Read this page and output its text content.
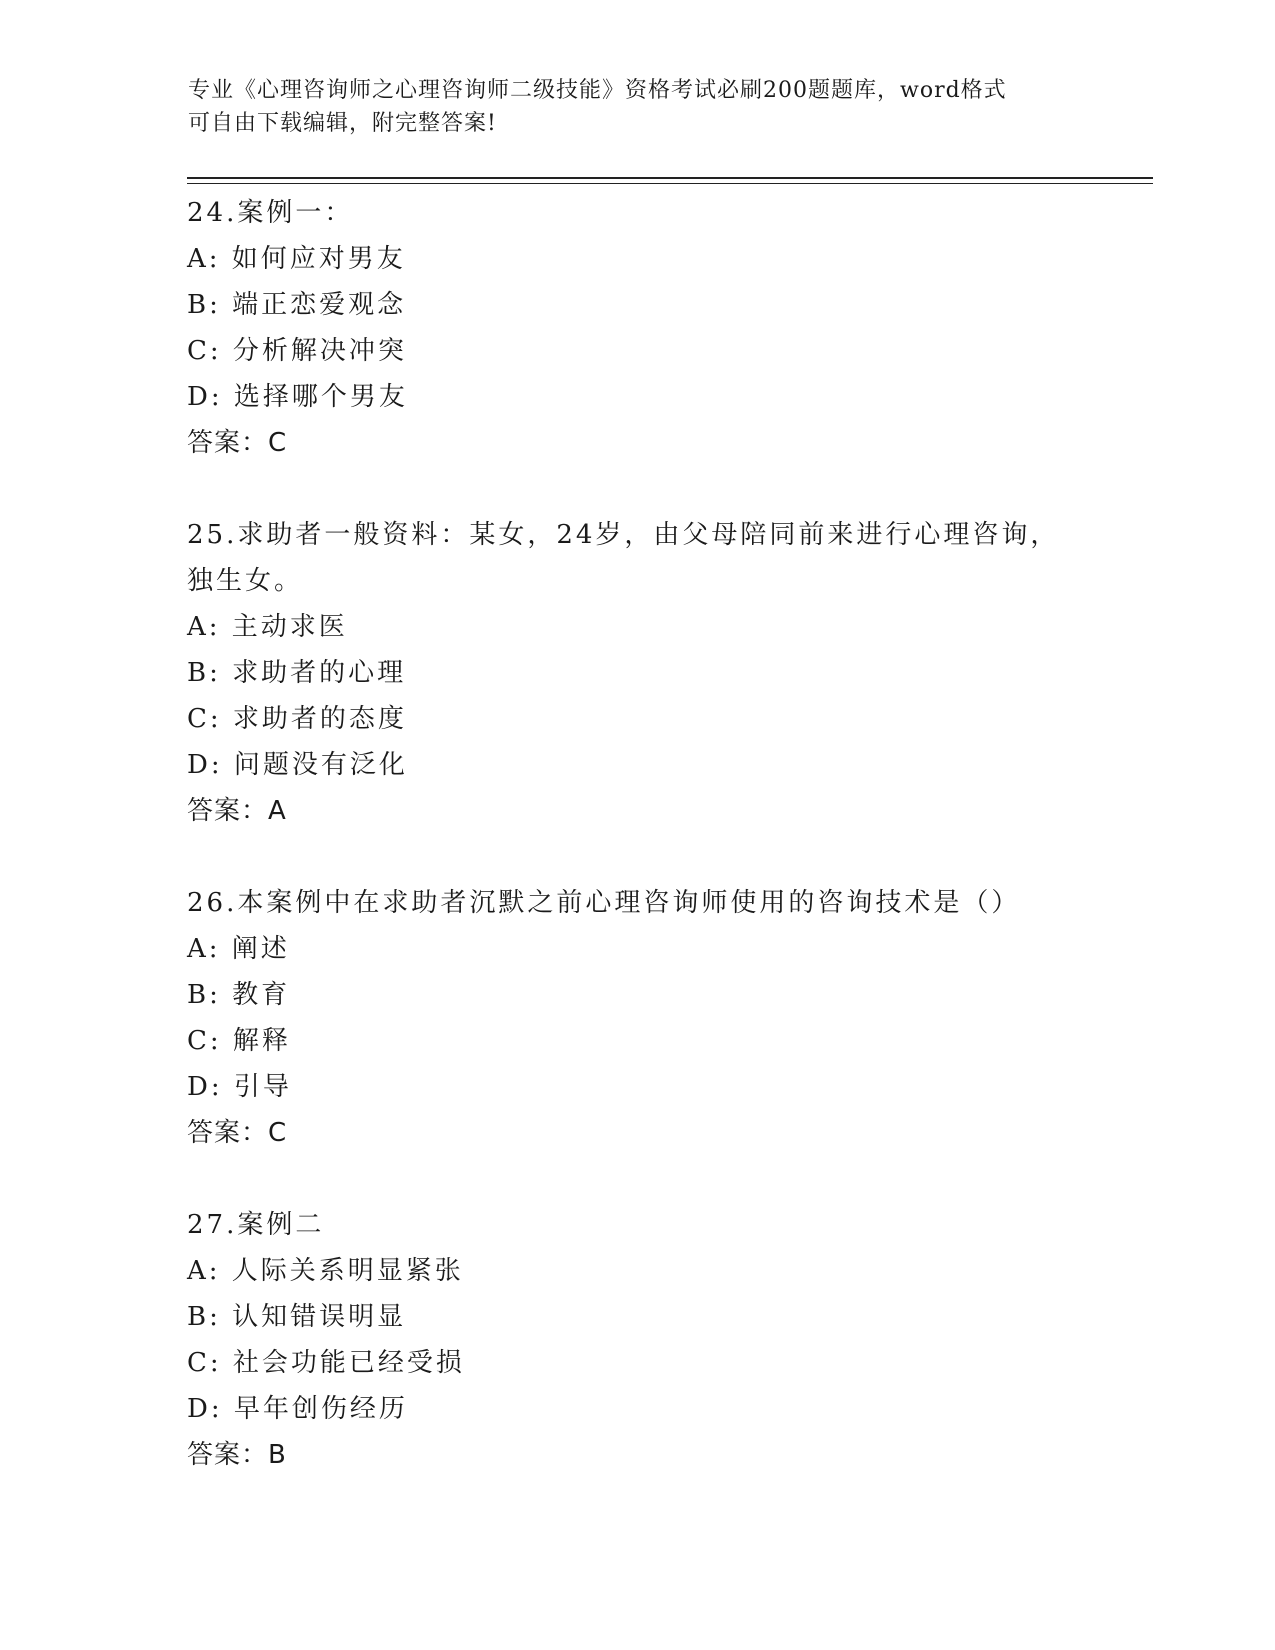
专业《心理咨询师之心理咨询师二级技能》资格考试必刷200题题库，word格式
可自由下载编辑，附完整答案!
24.案例一：
A: 如何应对男友
B: 端正恋爱观念
C: 分析解决冲突
D: 选择哪个男友
答案：C
25.求助者一般资料：某女，24岁，由父母陪同前来进行心理咨询，独生女。
A: 主动求医
B: 求助者的心理
C: 求助者的态度
D: 问题没有泛化
答案：A
26.本案例中在求助者沉默之前心理咨询师使用的咨询技术是（）
A: 阐述
B: 教育
C: 解释
D: 引导
答案：C
27.案例二
A: 人际关系明显紧张
B: 认知错误明显
C: 社会功能已经受损
D: 早年创伤经历
答案：B
